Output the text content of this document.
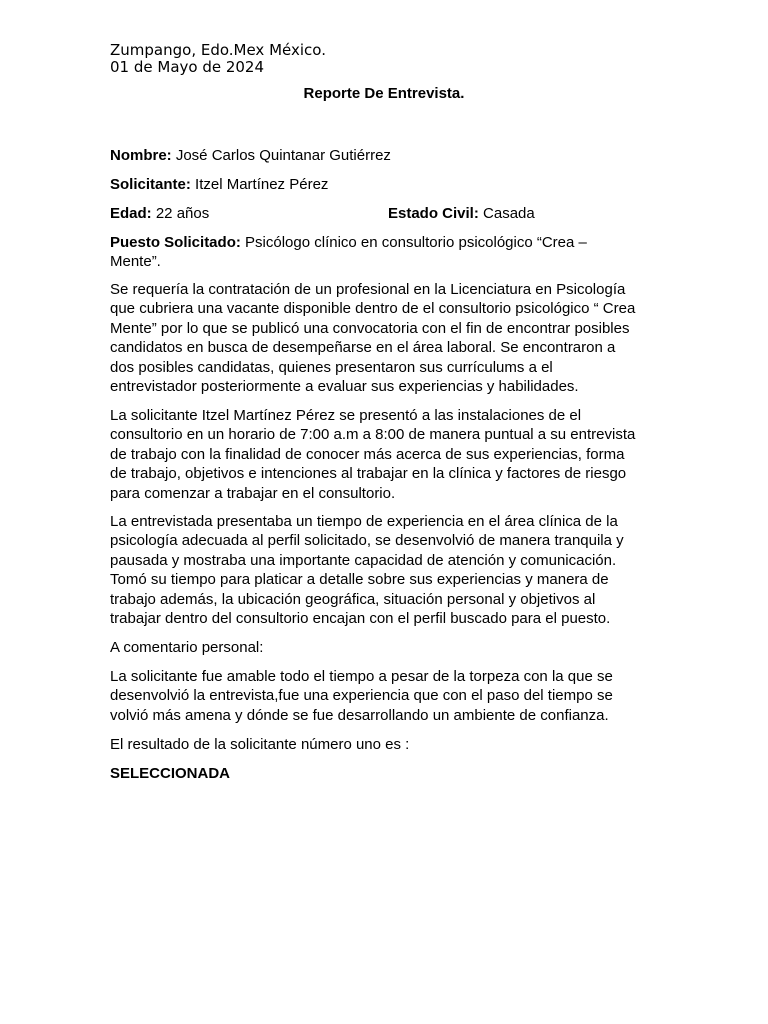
Zumpango, Edo.Mex México.
01 de Mayo de 2024
Reporte De Entrevista.
Nombre: José Carlos Quintanar Gutiérrez
Solicitante: Itzel Martínez Pérez
Edad: 22 años	Estado Civil: Casada
Puesto Solicitado: Psicólogo clínico en consultorio psicológico “Crea –
Mente”.
Se requería la contratación de un profesional en la Licenciatura en Psicología
que cubriera una vacante disponible dentro de el consultorio psicológico “ Crea
Mente” por lo que se publicó una convocatoria con el fin de encontrar posibles
candidatos en busca de desempeñarse en el área laboral. Se encontraron a
dos posibles candidatas, quienes presentaron sus currículums a el
entrevistador posteriormente a evaluar sus experiencias y habilidades.
La solicitante Itzel Martínez Pérez se presentó a las instalaciones de el
consultorio en un horario de 7:00 a.m a 8:00 de manera puntual a su entrevista
de trabajo con la finalidad de conocer más acerca de sus experiencias, forma
de trabajo, objetivos e intenciones al trabajar en la clínica y factores de riesgo
para comenzar a trabajar en el consultorio.
La entrevistada presentaba un tiempo de experiencia en el área clínica de la
psicología adecuada al perfil solicitado, se desenvolvió de manera tranquila y
pausada y mostraba una importante capacidad de atención y comunicación.
Tomó su tiempo para platicar a detalle sobre sus experiencias y manera de
trabajo además, la ubicación geográfica, situación personal y objetivos al
trabajar dentro del consultorio encajan con el perfil buscado para el puesto.
A comentario personal:
La solicitante fue amable todo el tiempo a pesar de la torpeza con la que se
desenvolvió la entrevista,fue una experiencia que con el paso del tiempo se
volvió más amena y dónde se fue desarrollando un ambiente de confianza.
El resultado de la solicitante número uno es :
SELECCIONADA
